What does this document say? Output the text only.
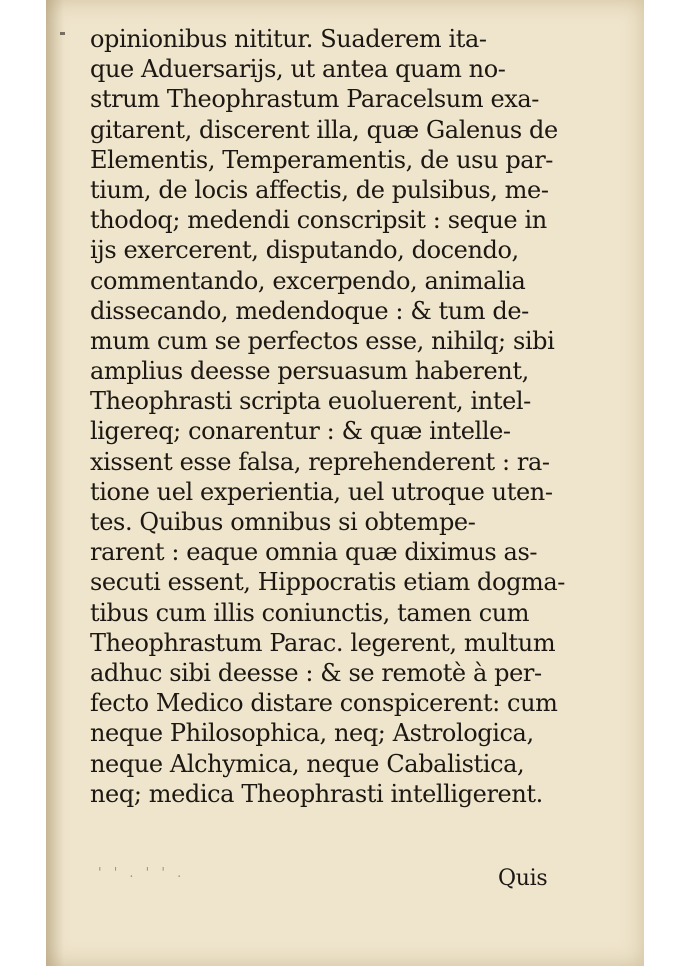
opinionibus nititur. Suaderem ita-
que Aduersarijs, ut antea quam no-
strum Theophrastum Paracelsum exa-
gitarent, discerent illa, quæ Galenus de
Elementis, Temperamentis, de usu par-
tium, de locis affectis, de pulsibus, me-
thodoq; medendi conscripsit : seque in
ijs exercerent, disputando, docendo,
commentando, excerpendo, animalia
dissecando, medendoque : & tum de-
mum cum se perfectos esse, nihilq; sibi
amplius deesse persuasum haberent,
Theophrasti scripta euoluerent, intel-
ligereq; conarentur : & quæ intelle-
xissent esse falsa, reprehenderent : ra-
tione uel experientia, uel utroque uten-
tes. Quibus omnibus si obtempe-
rarent : eaque omnia quæ diximus as-
secuti essent, Hippocratis etiam dogma-
tibus cum illis coniunctis, tamen cum
Theophrastum Parac. legerent, multum
adhuc sibi deesse : & se remotè à per-
fecto Medico distare conspicerent: cum
neque Philosophica, neq; Astrologica,
neque Alchymica, neque Cabalistica,
neq; medica Theophrasti intelligerent.
' ' . ' ' .	Quis
